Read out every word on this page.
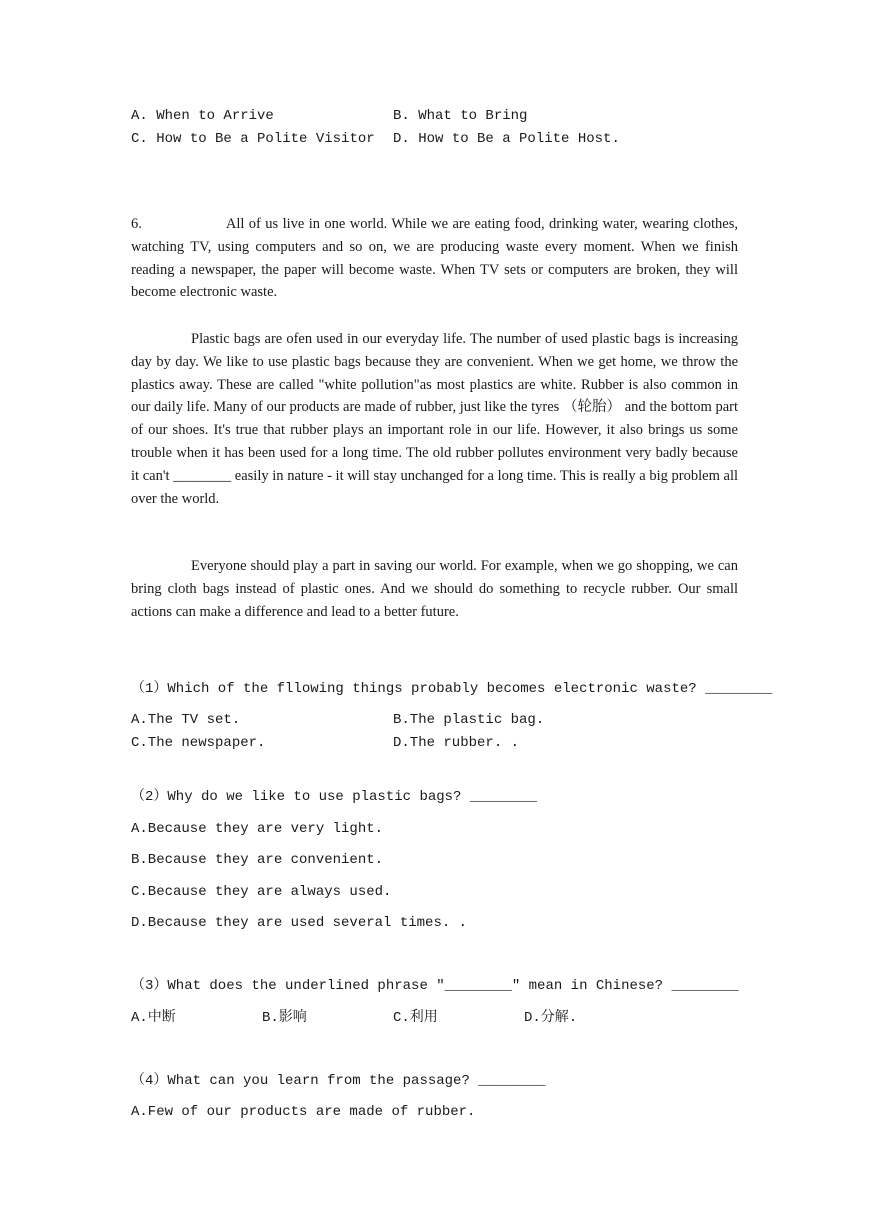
A. When to Arrive	B. What to Bring
C. How to Be a Polite Visitor D. How to Be a Polite Host.
6.	All of us live in one world. While we are eating food, drinking water, wearing clothes, watching TV, using computers and so on, we are producing waste every moment. When we finish reading a newspaper, the paper will become waste. When TV sets or computers are broken, they will become electronic waste.
Plastic bags are ofen used in our everyday life. The number of used plastic bags is increasing day by day. We like to use plastic bags because they are convenient. When we get home, we throw the plastics away. These are called "white pollution"as most plastics are white. Rubber is also common in our daily life. Many of our products are made of rubber, just like the tyres （轮胎） and the bottom part of our shoes. It's true that rubber plays an important role in our life. However, it also brings us some trouble when it has been used for a long time. The old rubber pollutes environment very badly because it can't ________ easily in nature - it will stay unchanged for a long time. This is really a big problem all over the world.
Everyone should play a part in saving our world. For example, when we go shopping, we can bring cloth bags instead of plastic ones. And we should do something to recycle rubber. Our small actions can make a difference and lead to a better future.
（1）Which of the fllowing things probably becomes electronic waste? ________
A.The TV set.	B.The plastic bag.
C.The newspaper.	D.The rubber. .
（2）Why do we like to use plastic bags? ________
A.Because they are very light.
B.Because they are convenient.
C.Because they are always used.
D.Because they are used several times. .
（3）What does the underlined phrase "________" mean in Chinese? ________
A.中断	B.影响	C.利用	D.分解.
（4）What can you learn from the passage? ________
A.Few of our products are made of rubber.
